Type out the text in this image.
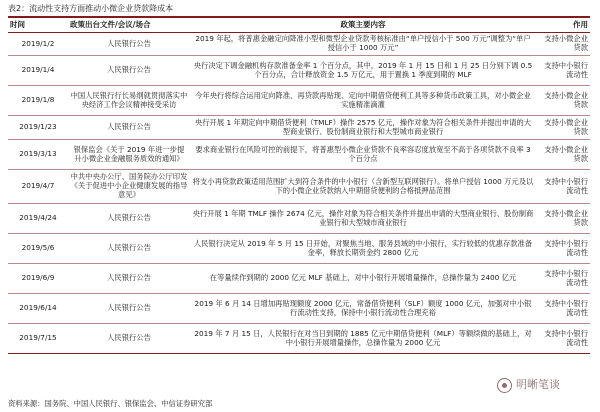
表2：流动性支持方面推动小微企业贷款降成本
时间	政策出台文件/会议/场合	政策主要内容	作用
2019/1/2	人民银行公告	2019 年起，将普惠金融定向降准小型和微型企业贷款考核标准由“单户授信小于 500 万元”调整为“单户授信小于 1000 万元”	支持小微企业贷款
2019/1/4	人民银行公告	央行决定下调金融机构存款准备金率 1 个百分点，其中，2019 年 1 月 15 日和 1 月 25 日分别下调 0.5 个百分点，合计释放资金 1.5 万亿元，用于置换 1 季度到期的 MLF	支持中小银行流动性
2019/1/8	中国人民银行行长易纲就贯彻落实中央经济工作会议精神接受采访	今年央行将综合运用定向降准、再贷款再贴现、定向中期借贷便利工具等多种货币政策工具，对小微企业实施精准滴灌	支持小微企业贷款
2019/1/23	人民银行公告	央行开展 1 年期定向中期借贷便利（TMLF）操作 2575 亿元，操作对象为符合相关条件并提出申请的大型商业银行、股份制商业银行和大型城市商业银行	支持小微企业贷款
2019/3/13	银保监会《关于 2019 年进一步提升小微企业金融服务质效的通知》	要求商业银行在风险可控的前提下，将普惠型小微企业贷款不良率容忍度放宽至不高于各项贷款不良率 3 个百分点	支持小微企业贷款
2019/4/7	中共中央办公厅、国务院办公厅印发《关于促进中小企业健康发展的指导意见》	将支小再贷款政策适用范围扩大到符合条件的中小银行（含新型互联网银行）。将单户授信 1000 万元及以下的小微企业贷款纳入中期借贷便利的合格抵押品范围	支持中小银行流动性
2019/4/24	人民银行公告	央行开展 1 年期 TMLF 操作 2674 亿元，操作对象为符合相关条件并提出申请的大型商业银行、股份制商业银行和大型城市商业银行	支持小微企业贷款
2019/5/6	人民银行公告	人民银行决定从 2019 年 5 月 15 日开始，对聚焦当地、服务县域的中小银行，实行较低的优惠存款准备金率，释放长期资金约 2800 亿元	支持中小银行流动性
2019/6/9	人民银行公告	在等量续作到期的 2000 亿元 MLF 基础上，对中小银行开展增量操作，总操作量为 2400 亿元	支持中小银行流动性
2019/6/14	人民银行公告	2019 年 6 月 14 日增加再贴现额度 2000 亿元，常备借贷便利（SLF）额度 1000 亿元，加强对中小银行流动性支持，保持中小银行流动性合理充裕	支持中小银行流动性
2019/7/15	人民银行公告	2019 年 7 月 15 日，人民银行在对当日到期的 1885 亿元中期借贷便利（MLF）等额续做的基础上，对中小银行开展增量操作，总操作量为 2000 亿元	支持中小银行流动性
明晰笔谈
资料来源：国务院、中国人民银行、银保监会、中信证券研究部
